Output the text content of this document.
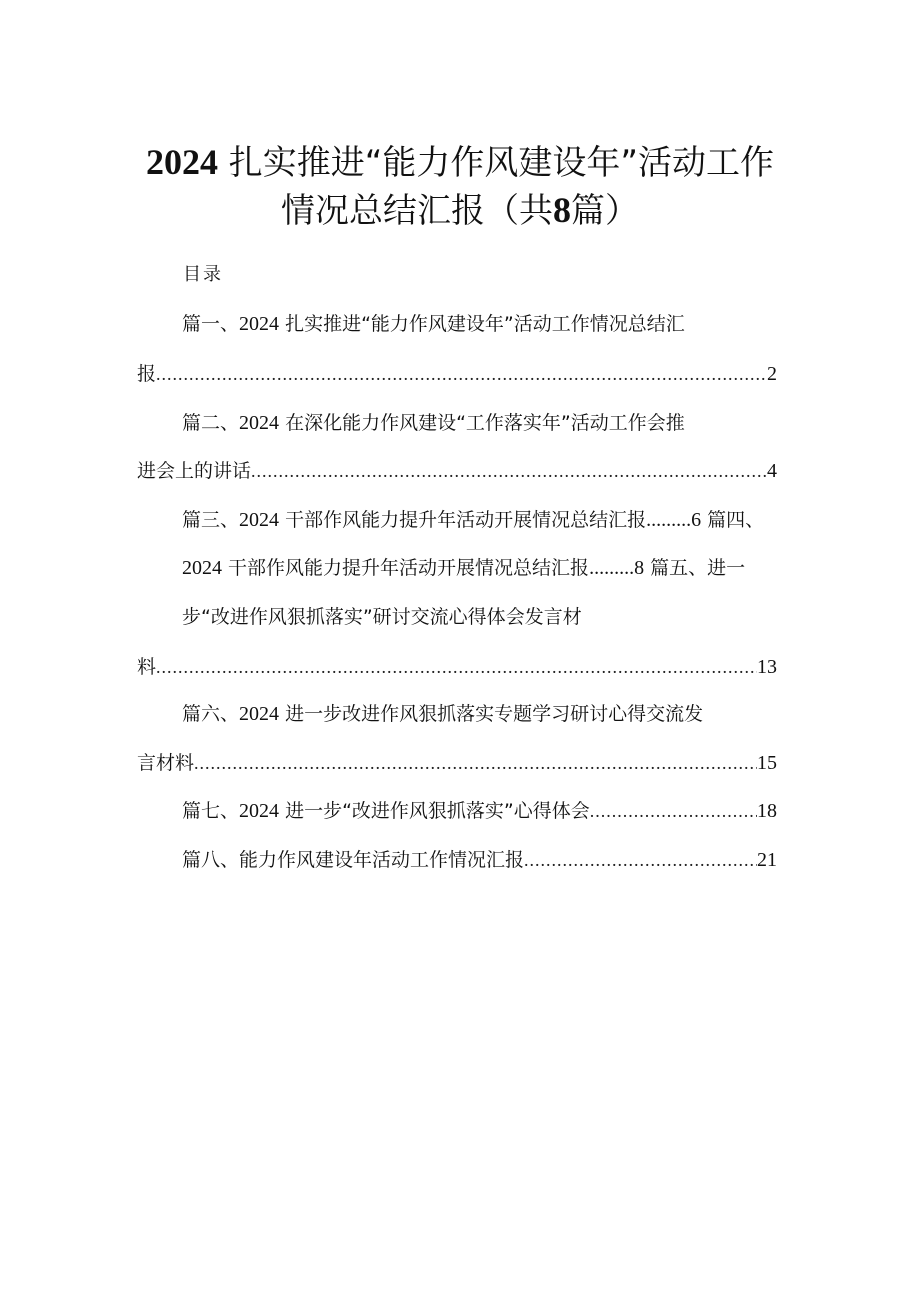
2024 扎实推进“能力作风建设年”活动工作
情况总结汇报（共8篇）
目录
篇一、2024 扎实推进“能力作风建设年”活动工作情况总结汇
报 .....	2
篇二、2024 在深化能力作风建设“工作落实年”活动工作会推
进会上的讲话 .....	4
篇三、2024 干部作风能力提升年活动开展情况总结汇报.........6 篇四、
2024 干部作风能力提升年活动开展情况总结汇报.........8 篇五、进一
步“改进作风狠抓落实”研讨交流心得体会发言材
料 .....	13
篇六、2024 进一步改进作风狠抓落实专题学习研讨心得交流发
言材料 .....	15
篇七、2024 进一步“改进作风狠抓落实”心得体会 .....	18
篇八、能力作风建设年活动工作情况汇报 .....	21
